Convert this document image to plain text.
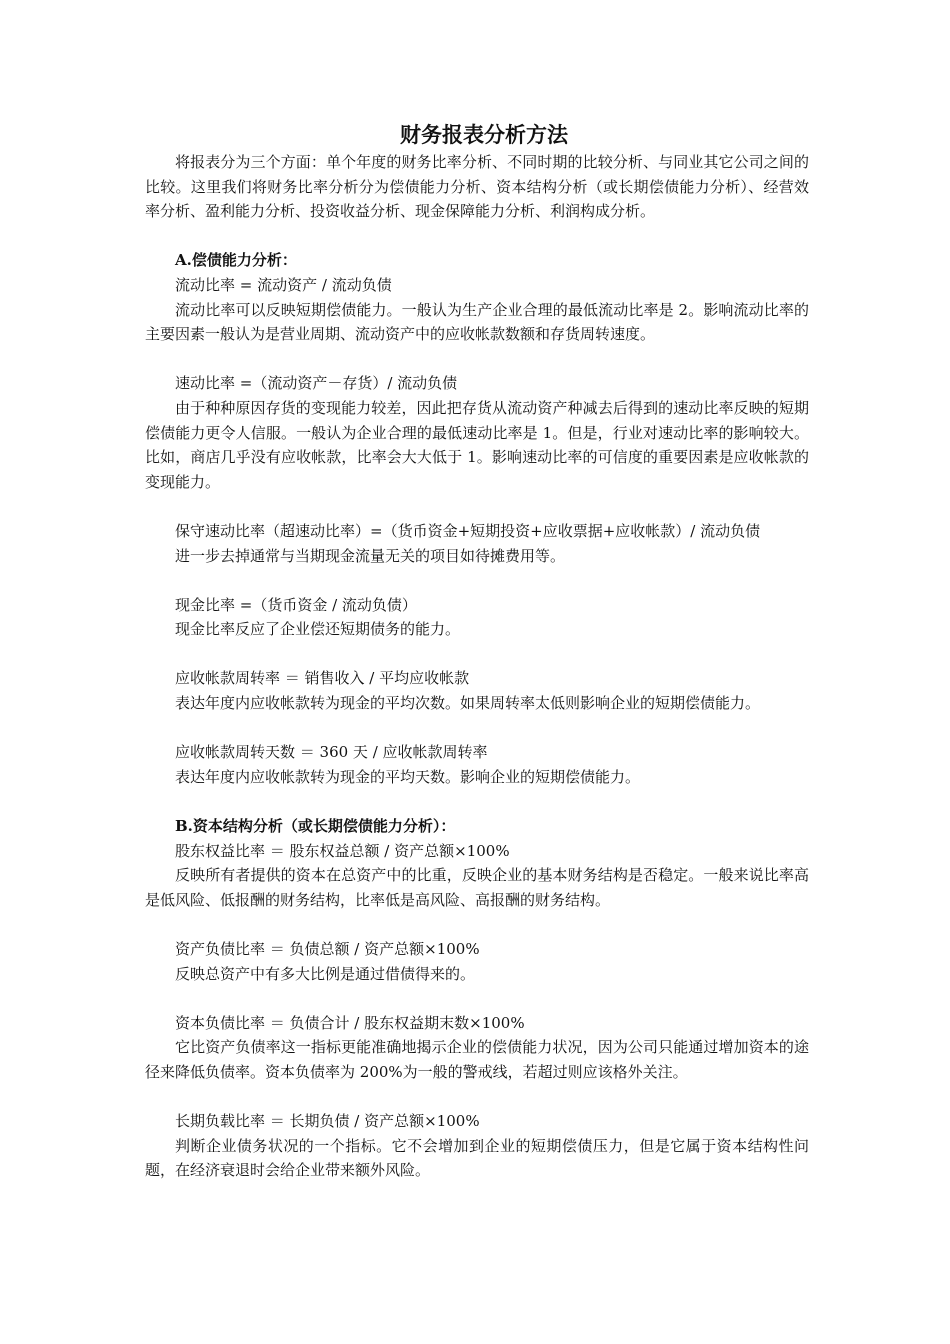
财务报表分析方法

将报表分为三个方面：单个年度的财务比率分析、不同时期的比较分析、与同业其它公司之间的比较。这里我们将财务比率分析分为偿债能力分析、资本结构分析（或长期偿债能力分析）、经营效率分析、盈利能力分析、投资收益分析、现金保障能力分析、利润构成分析。

A.偿债能力分析：

流动比率 = 流动资产 / 流动负债

流动比率可以反映短期偿债能力。一般认为生产企业合理的最低流动比率是 2。影响流动比率的主要因素一般认为是营业周期、流动资产中的应收帐款数额和存货周转速度。

速动比率 =（流动资产－存货）/ 流动负债

由于种种原因存货的变现能力较差，因此把存货从流动资产种减去后得到的速动比率反映的短期偿债能力更令人信服。一般认为企业合理的最低速动比率是 1。但是，行业对速动比率的影响较大。比如，商店几乎没有应收帐款，比率会大大低于 1。影响速动比率的可信度的重要因素是应收帐款的变现能力。

保守速动比率（超速动比率）=（货币资金+短期投资+应收票据+应收帐款）/ 流动负债

进一步去掉通常与当期现金流量无关的项目如待摊费用等。

现金比率 =（货币资金 / 流动负债）

现金比率反应了企业偿还短期债务的能力。

应收帐款周转率 ＝ 销售收入 / 平均应收帐款

表达年度内应收帐款转为现金的平均次数。如果周转率太低则影响企业的短期偿债能力。

应收帐款周转天数 ＝ 360 天 / 应收帐款周转率

表达年度内应收帐款转为现金的平均天数。影响企业的短期偿债能力。

B.资本结构分析（或长期偿债能力分析）：

股东权益比率 ＝ 股东权益总额 / 资产总额×100%

反映所有者提供的资本在总资产中的比重，反映企业的基本财务结构是否稳定。一般来说比率高是低风险、低报酬的财务结构，比率低是高风险、高报酬的财务结构。

资产负债比率 ＝ 负债总额 / 资产总额×100%

反映总资产中有多大比例是通过借债得来的。

资本负债比率 ＝ 负债合计 / 股东权益期末数×100%

它比资产负债率这一指标更能准确地揭示企业的偿债能力状况，因为公司只能通过增加资本的途径来降低负债率。资本负债率为 200%为一般的警戒线，若超过则应该格外关注。

长期负载比率 ＝ 长期负债 / 资产总额×100%

判断企业债务状况的一个指标。它不会增加到企业的短期偿债压力，但是它属于资本结构性问题，在经济衰退时会给企业带来额外风险。
